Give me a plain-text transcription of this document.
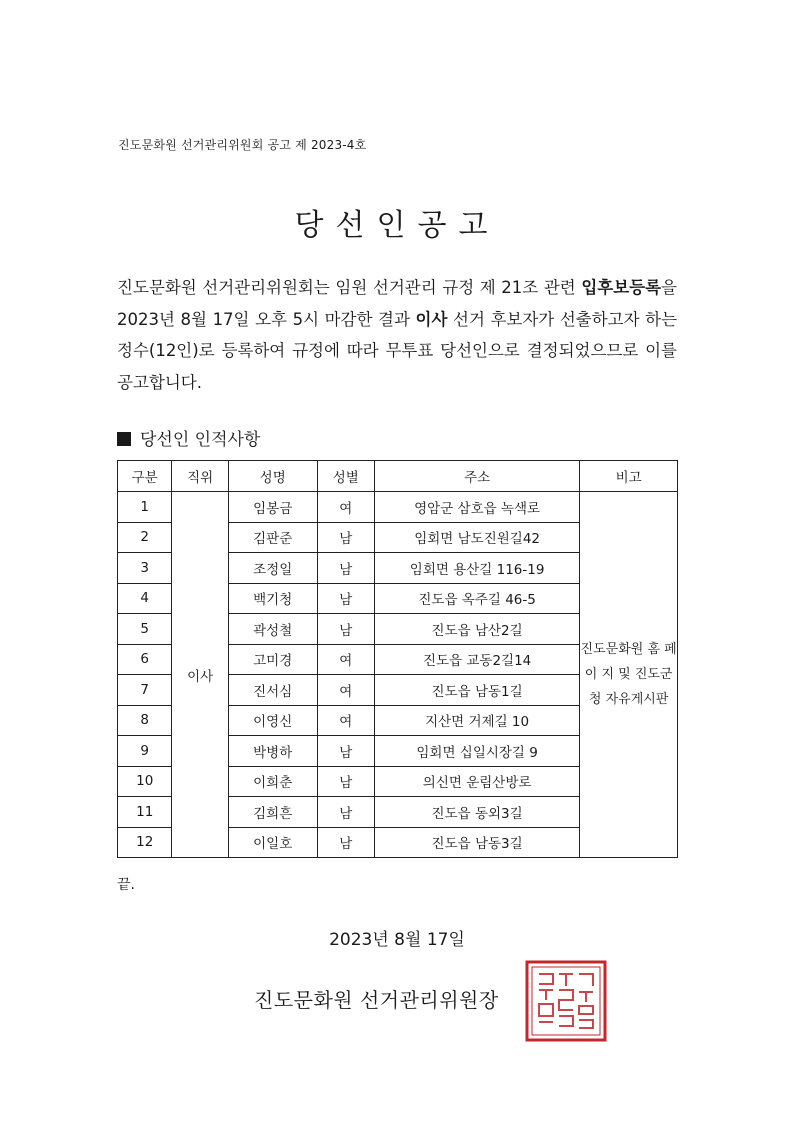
진도문화원 선거관리위원회 공고 제 2023-4호
당선인공고

진도문화원 선거관리위원회는 임원 선거관리 규정 제 21조 관련 입후보등록을 2023년 8월 17일 오후 5시 마감한 결과 이사 선거 후보자가 선출하고자 하는 정수(12인)로 등록하여 규정에 따라 무투표 당선인으로 결정되었으므로 이를 공고합니다.

당선인 인적사항
구분	직위	성명	성별	주소	비고
1	이사	임봉금	여	영암군 삼호읍 녹색로	진도문화원 홈 페 이 지 및 진도군청 자유게시판
2		김판준	남	임회면 남도진원길42	
3		조정일	남	임회면 용산길 116-19	
4		백기청	남	진도읍 옥주길 46-5	
5		곽성철	남	진도읍 남산2길	
6		고미경	여	진도읍 교동2길14	
7		진서심	여	진도읍 남동1길	
8		이영신	여	지산면 거제길 10	
9		박병하	남	임회면 십일시장길 9	
10		이희춘	남	의신면 운림산방로	
11		김희흔	남	진도읍 동외3길	
12		이일호	남	진도읍 남동3길	
끝.
2023년 8월 17일
진도문화원 선거관리위원장
